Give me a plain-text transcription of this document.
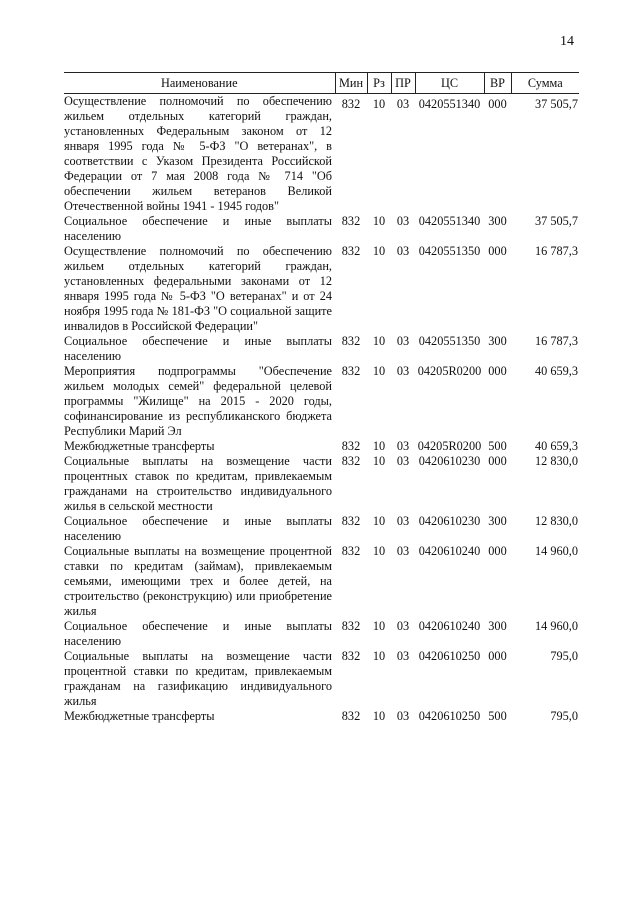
14
Наименование	Мин	Рз	ПР	ЦС	ВР	Сумма
Осуществление полномочий по обеспечению жильем отдельных категорий граждан, установленных Федеральным законом от 12 января 1995 года № 5-ФЗ "О ветеранах", в соответствии с Указом Президента Российской Федерации от 7 мая 2008 года № 714 "Об обеспечении жильем ветеранов Великой Отечественной войны 1941 - 1945 годов"	832	10	03	0420551340	000	37 505,7
Социальное обеспечение и иные выплаты населению	832	10	03	0420551340	300	37 505,7
Осуществление полномочий по обеспечению жильем отдельных категорий граждан, установленных федеральными законами от 12 января 1995 года № 5-ФЗ "О ветеранах" и от 24 ноября 1995 года № 181-ФЗ "О социальной защите инвалидов в Российской Федерации"	832	10	03	0420551350	000	16 787,3
Социальное обеспечение и иные выплаты населению	832	10	03	0420551350	300	16 787,3
Мероприятия подпрограммы "Обеспечение жильем молодых семей" федеральной целевой программы "Жилище" на 2015 - 2020 годы, софинансирование из республиканского бюджета Республики Марий Эл	832	10	03	04205R0200	000	40 659,3
Межбюджетные трансферты	832	10	03	04205R0200	500	40 659,3
Социальные выплаты на возмещение части процентных ставок по кредитам, привлекаемым гражданами на строительство индивидуального жилья в сельской местности	832	10	03	0420610230	000	12 830,0
Социальное обеспечение и иные выплаты населению	832	10	03	0420610230	300	12 830,0
Социальные выплаты на возмещение процентной ставки по кредитам (займам), привлекаемым семьями, имеющими трех и более детей, на строительство (реконструкцию) или приобретение жилья	832	10	03	0420610240	000	14 960,0
Социальное обеспечение и иные выплаты населению	832	10	03	0420610240	300	14 960,0
Социальные выплаты на возмещение части процентной ставки по кредитам, привлекаемым гражданам на газификацию индивидуального жилья	832	10	03	0420610250	000	795,0
Межбюджетные трансферты	832	10	03	0420610250	500	795,0
